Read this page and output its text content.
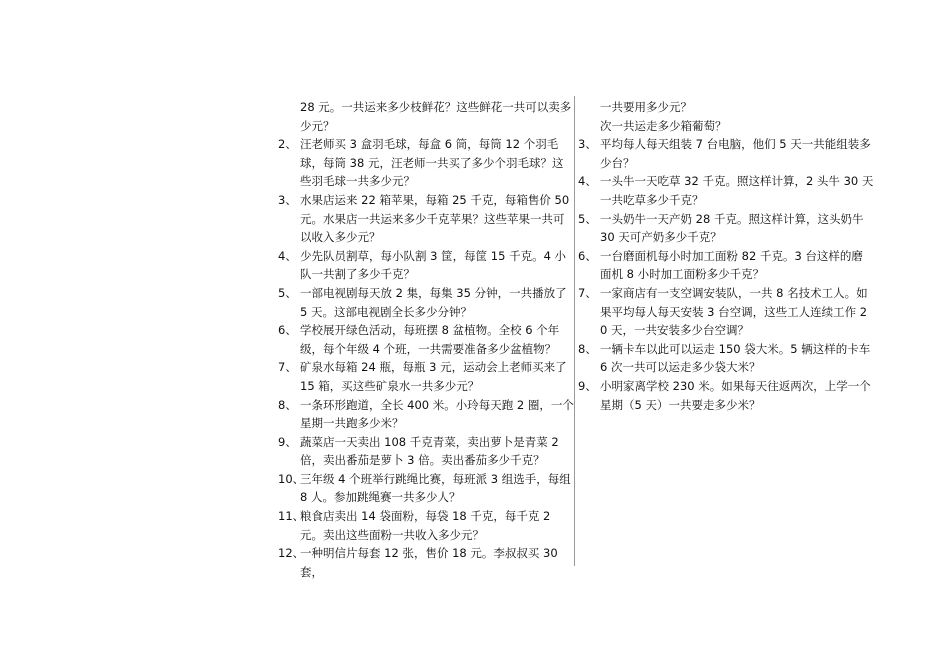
28 元。一共运来多少枝鲜花？这些鲜花一共可以卖多少元？
2、 汪老师买 3 盒羽毛球，每盒 6 筒，每筒 12 个羽毛球，每筒 38 元，汪老师一共买了多少个羽毛球？这些羽毛球一共多少元？
3、 水果店运来 22 箱苹果，每箱 25 千克，每箱售价 50 元。水果店一共运来多少千克苹果？这些苹果一共可以收入多少元？
4、 少先队员割草，每小队割 3 筐，每筐 15 千克。4 小队一共割了多少千克？
5、 一部电视剧每天放 2 集，每集 35 分钟，一共播放了 5 天。这部电视剧全长多少分钟？
6、 学校展开绿色活动，每班摆 8 盆植物。全校 6 个年级，每个年级 4 个班，一共需要准备多少盆植物？
7、 矿泉水每箱 24 瓶，每瓶 3 元，运动会上老师买来了 15 箱，买这些矿泉水一共多少元？
8、 一条环形跑道，全长 400 米。小玲每天跑 2 圈，一个星期一共跑多少米？
9、 蔬菜店一天卖出 108 千克青菜，卖出萝卜是青菜 2 倍，卖出番茄是萝卜 3 倍。卖出番茄多少千克？
10、
三年级 4 个班举行跳绳比赛，每班派 3 组选手，每组 8 人。参加跳绳赛一共多少人？
11、
粮食店卖出 14 袋面粉，每袋 18 千克，每千克 2 元。卖出这些面粉一共收入多少元？
12、
一种明信片每套 12 张，售价 18 元。李叔叔买 30 套，
一共要用多少元？
次一共运走多少箱葡萄？
3、 平均每人每天组装 7 台电脑，他们 5 天一共能组装多少台？
4、 一头牛一天吃草 32 千克。照这样计算，2 头牛 30 天一共吃草多少千克？
5、 一头奶牛一天产奶 28 千克。照这样计算，这头奶牛 30 天可产奶多少千克？
6、 一台磨面机每小时加工面粉 82 千克。3 台这样的磨面机 8 小时加工面粉多少千克？
7、 一家商店有一支空调安装队，一共 8 名技术工人。如果平均每人每天安装 3 台空调，这些工人连续工作 20 天，一共安装多少台空调？
8、 一辆卡车以此可以运走 150 袋大米。5 辆这样的卡车 6 次一共可以运走多少袋大米？
9、 小明家离学校 230 米。如果每天往返两次，上学一个星期（5 天）一共要走多少米？
